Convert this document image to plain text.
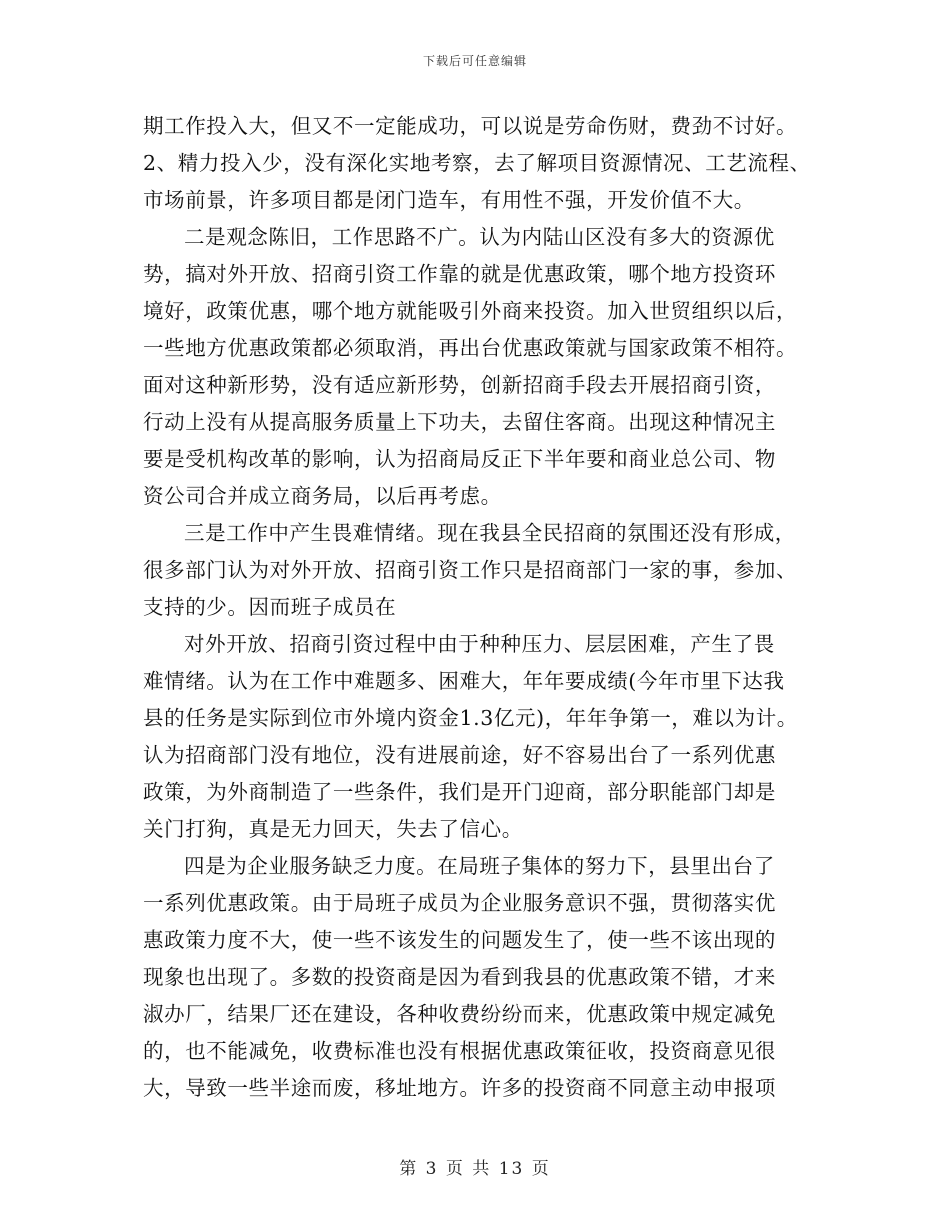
下载后可任意编辑
期工作投入大，但又不一定能成功，可以说是劳命伤财，费劲不讨好。
2、精力投入少，没有深化实地考察，去了解项目资源情况、工艺流程、
市场前景，许多项目都是闭门造车，有用性不强，开发价值不大。
二是观念陈旧，工作思路不广。认为内陆山区没有多大的资源优
势，搞对外开放、招商引资工作靠的就是优惠政策，哪个地方投资环
境好，政策优惠，哪个地方就能吸引外商来投资。加入世贸组织以后，
一些地方优惠政策都必须取消，再出台优惠政策就与国家政策不相符。
面对这种新形势，没有适应新形势，创新招商手段去开展招商引资，
行动上没有从提高服务质量上下功夫，去留住客商。出现这种情况主
要是受机构改革的影响，认为招商局反正下半年要和商业总公司、物
资公司合并成立商务局，以后再考虑。
三是工作中产生畏难情绪。现在我县全民招商的氛围还没有形成，
很多部门认为对外开放、招商引资工作只是招商部门一家的事，参加、
支持的少。因而班子成员在
对外开放、招商引资过程中由于种种压力、层层困难，产生了畏
难情绪。认为在工作中难题多、困难大，年年要成绩(今年市里下达我
县的任务是实际到位市外境内资金1.3亿元)，年年争第一，难以为计。
认为招商部门没有地位，没有进展前途，好不容易出台了一系列优惠
政策，为外商制造了一些条件，我们是开门迎商，部分职能部门却是
关门打狗，真是无力回天，失去了信心。
四是为企业服务缺乏力度。在局班子集体的努力下，县里出台了
一系列优惠政策。由于局班子成员为企业服务意识不强，贯彻落实优
惠政策力度不大，使一些不该发生的问题发生了，使一些不该出现的
现象也出现了。多数的投资商是因为看到我县的优惠政策不错，才来
淑办厂，结果厂还在建设，各种收费纷纷而来，优惠政策中规定减免
的，也不能减免，收费标准也没有根据优惠政策征收，投资商意见很
大，导致一些半途而废，移址地方。许多的投资商不同意主动申报项
第 3 页 共 13 页
